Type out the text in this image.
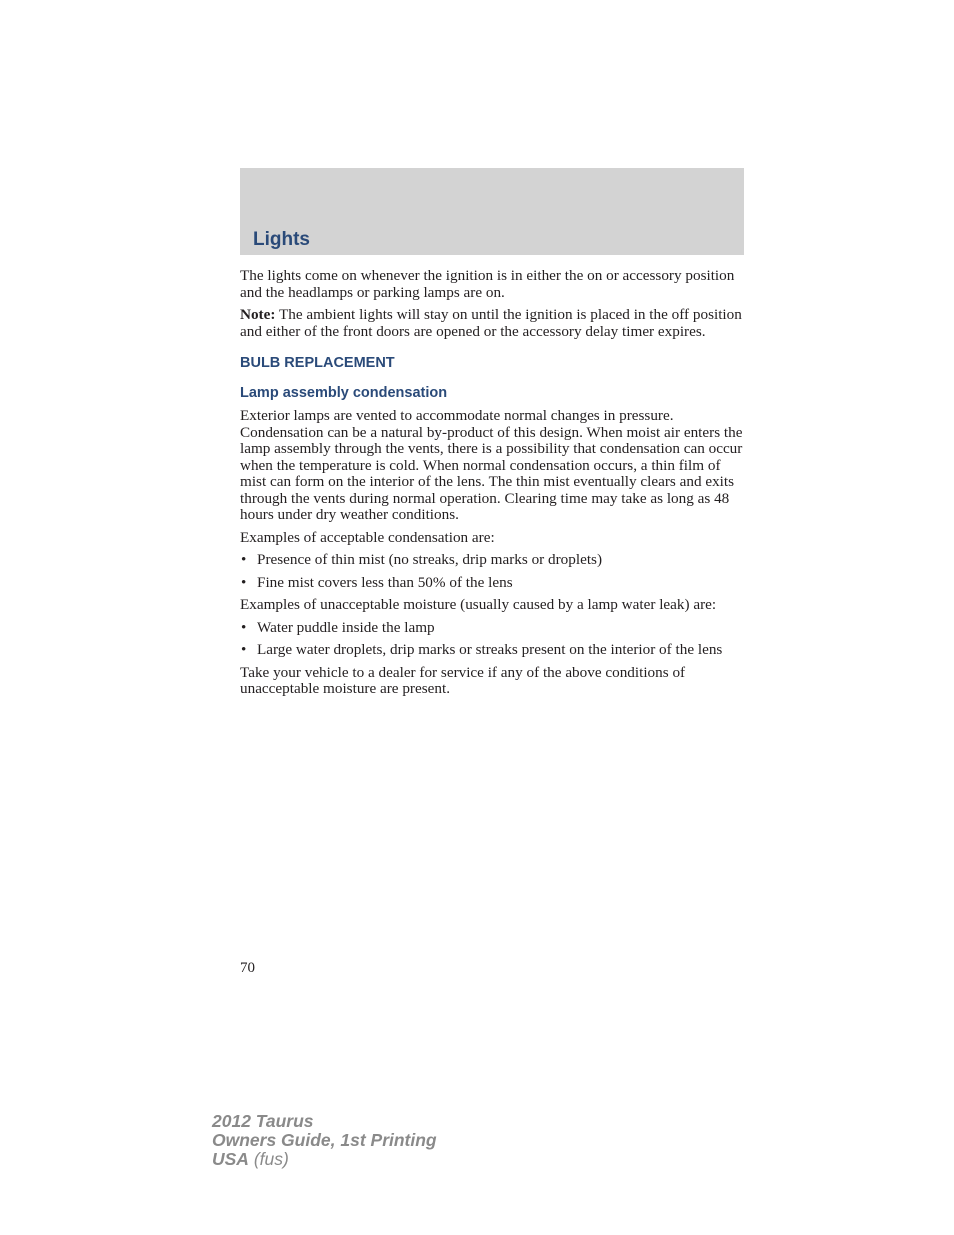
Lights

The lights come on whenever the ignition is in either the on or accessory position and the headlamps or parking lamps are on.

Note: The ambient lights will stay on until the ignition is placed in the off position and either of the front doors are opened or the accessory delay timer expires.

BULB REPLACEMENT
Lamp assembly condensation

Exterior lamps are vented to accommodate normal changes in pressure. Condensation can be a natural by-product of this design. When moist air enters the lamp assembly through the vents, there is a possibility that condensation can occur when the temperature is cold. When normal condensation occurs, a thin film of mist can form on the interior of the lens. The thin mist eventually clears and exits through the vents during normal operation. Clearing time may take as long as 48 hours under dry weather conditions.

Examples of acceptable condensation are:

• Presence of thin mist (no streaks, drip marks or droplets)
• Fine mist covers less than 50% of the lens

Examples of unacceptable moisture (usually caused by a lamp water leak) are:

• Water puddle inside the lamp
• Large water droplets, drip marks or streaks present on the interior of the lens

Take your vehicle to a dealer for service if any of the above conditions of unacceptable moisture are present.

70
2012 Taurus
Owners Guide, 1st Printing
USA (fus)
